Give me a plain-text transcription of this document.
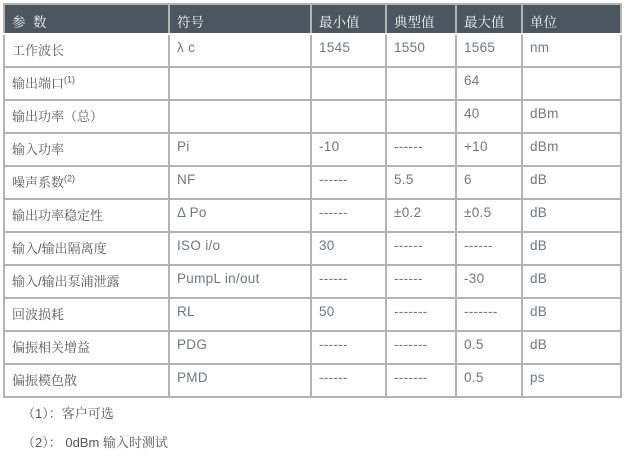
参  数	符号	最小值	典型值	最大值	单位
工作波长	λ c	1545	1550	1565	nm
输出端口$^{(1)}$				64	
输出功率（总）				40	dBm
输入功率	Pi	-10	------	+10	dBm
噪声系数$^{(2)}$	NF	------	5.5	6	dB
输出功率稳定性	Δ Po	------	±0.2	±0.5	dB
输入/输出隔离度	ISO i/o	30	------	------	dB
输入/输出泵浦泄露	PumpL in/out	------	------	-30	dB
回波损耗	RL	50	-------	-------	dB
偏振相关增益	PDG	------	-------	0.5	dB
偏振模色散	PMD	------	-------	0.5	ps

（1）：客户可选

（2）： 0dBm 输入时测试
